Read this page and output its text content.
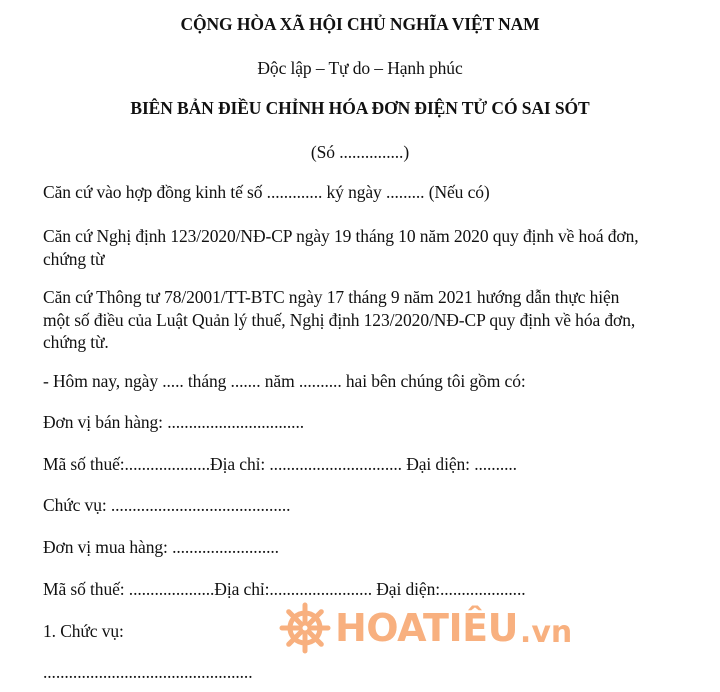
CỘNG HÒA XÃ HỘI CHỦ NGHĨA VIỆT NAM
Độc lập – Tự do – Hạnh phúc
BIÊN BẢN ĐIỀU CHỈNH HÓA ĐƠN ĐIỆN TỬ CÓ SAI SÓT
(Só ...............)
Căn cứ vào hợp đồng kinh tế số ............. ký ngày ......... (Nếu có)
Căn cứ Nghị định 123/2020/NĐ-CP ngày 19 tháng 10 năm 2020 quy định về hoá đơn,
chứng từ
Căn cứ Thông tư 78/2001/TT-BTC ngày 17 tháng 9 năm 2021 hướng dẫn thực hiện
một số điều của Luật Quản lý thuế, Nghị định 123/2020/NĐ-CP quy định về hóa đơn,
chứng từ.
- Hôm nay, ngày ..... tháng ....... năm .......... hai bên chúng tôi gồm có:
Đơn vị bán hàng: ................................
Mã số thuế:....................Địa chỉ: ............................... Đại diện: ..........
Chức vụ: ..........................................
Đơn vị mua hàng: .........................
Mã số thuế: ....................Địa chỉ:........................ Đại diện:....................
1. Chức vụ:
.................................................
HOATIÊU .vn
